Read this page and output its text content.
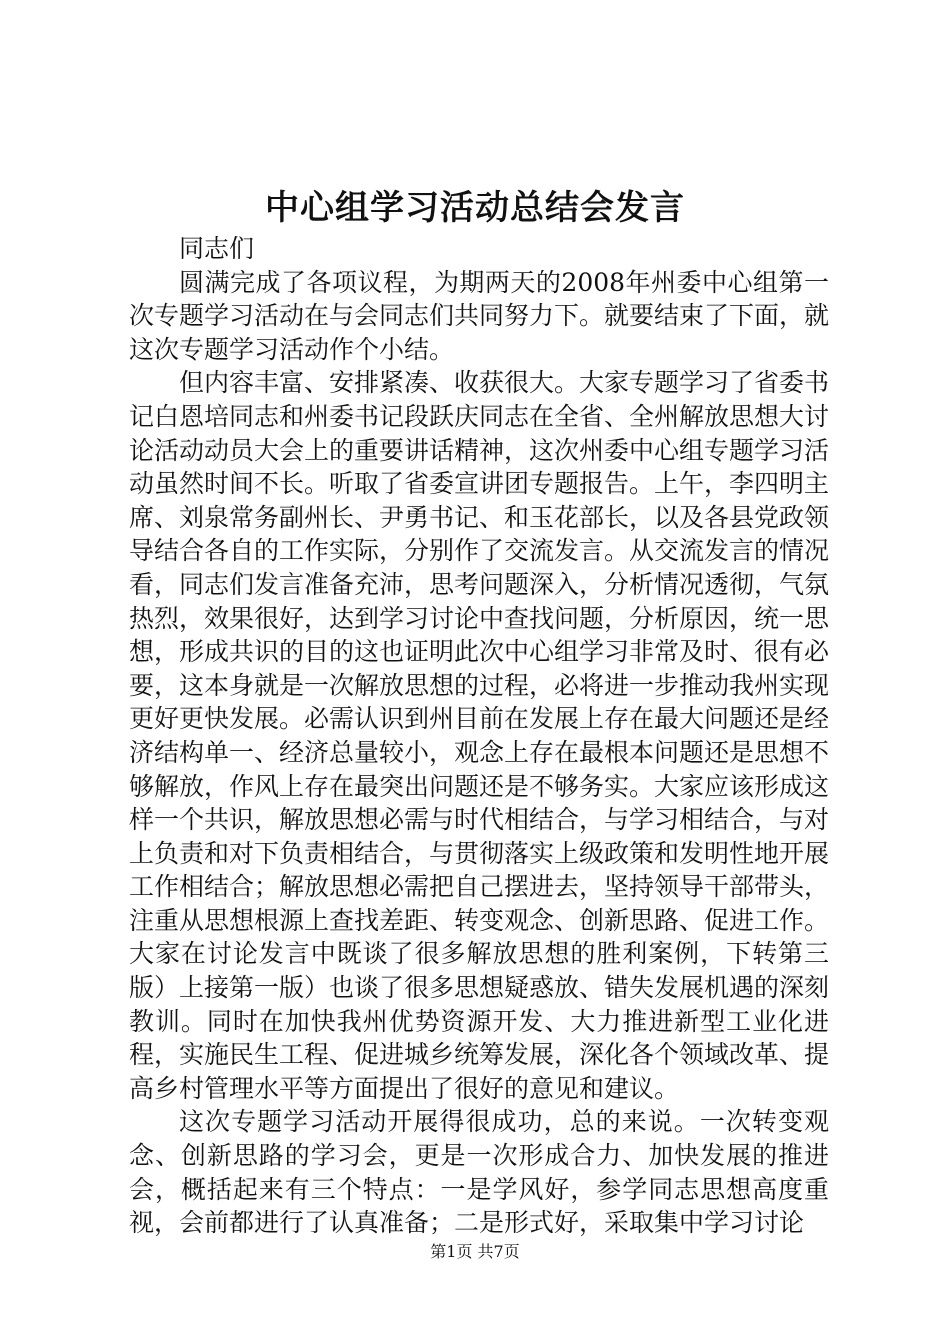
中心组学习活动总结会发言

同志们

圆满完成了各项议程，为期两天的2008年州委中心组第一次专题学习活动在与会同志们共同努力下。就要结束了下面，就这次专题学习活动作个小结。

但内容丰富、安排紧凑、收获很大。大家专题学习了省委书记白恩培同志和州委书记段跃庆同志在全省、全州解放思想大讨论活动动员大会上的重要讲话精神，这次州委中心组专题学习活动虽然时间不长。听取了省委宣讲团专题报告。上午，李四明主席、刘泉常务副州长、尹勇书记、和玉花部长，以及各县党政领导结合各自的工作实际，分别作了交流发言。从交流发言的情况看，同志们发言准备充沛，思考问题深入，分析情况透彻，气氛热烈，效果很好，达到学习讨论中查找问题，分析原因，统一思想，形成共识的目的这也证明此次中心组学习非常及时、很有必要，这本身就是一次解放思想的过程，必将进一步推动我州实现更好更快发展。必需认识到州目前在发展上存在最大问题还是经济结构单一、经济总量较小，观念上存在最根本问题还是思想不够解放，作风上存在最突出问题还是不够务实。大家应该形成这样一个共识，解放思想必需与时代相结合，与学习相结合，与对上负责和对下负责相结合，与贯彻落实上级政策和发明性地开展工作相结合；解放思想必需把自己摆进去，坚持领导干部带头，注重从思想根源上查找差距、转变观念、创新思路、促进工作。大家在讨论发言中既谈了很多解放思想的胜利案例，下转第三版）上接第一版）也谈了很多思想疑惑放、错失发展机遇的深刻教训。同时在加快我州优势资源开发、大力推进新型工业化进程，实施民生工程、促进城乡统筹发展，深化各个领域改革、提高乡村管理水平等方面提出了很好的意见和建议。

这次专题学习活动开展得很成功，总的来说。一次转变观念、创新思路的学习会，更是一次形成合力、加快发展的推进会，概括起来有三个特点：一是学风好，参学同志思想高度重视，会前都进行了认真准备；二是形式好，采取集中学习讨论

第1页 共7页
